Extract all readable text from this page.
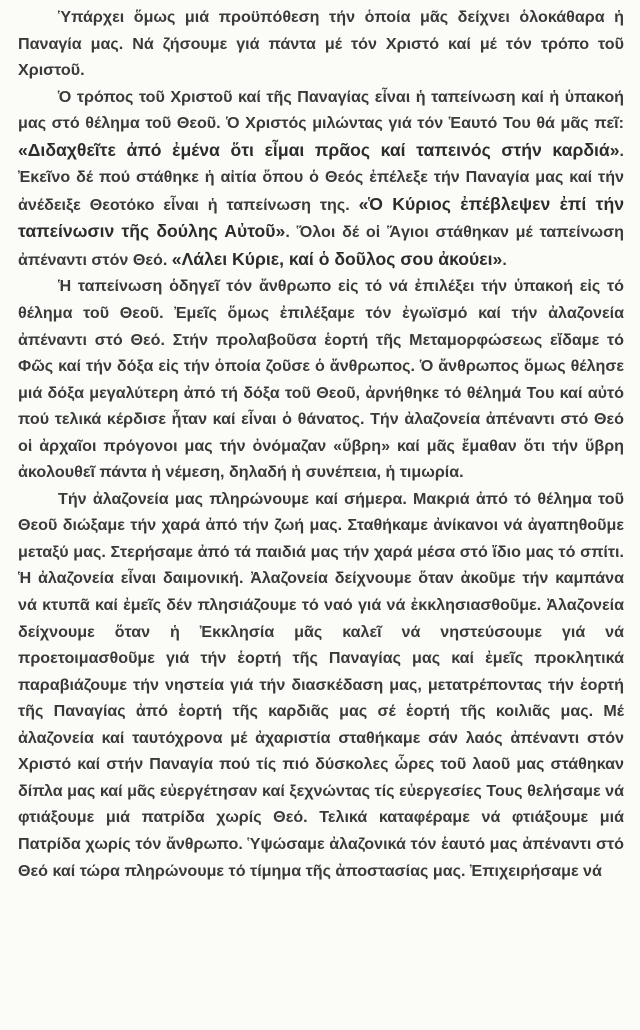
Ὑπάρχει ὅμως μιά προϋπόθεση τήν ὁποία μᾶς δείχνει ὁλοκάθαρα ἡ Παναγία μας. Νά ζήσουμε γιά πάντα μέ τόν Χριστό καί μέ τόν τρόπο τοῦ Χριστοῦ.

Ὁ τρόπος τοῦ Χριστοῦ καί τῆς Παναγίας εἶναι ἡ ταπείνωση καί ἡ ὑπακοή μας στό θέλημα τοῦ Θεοῦ. Ὁ Χριστός μιλώντας γιά τόν Ἑαυτό Του θά μᾶς πεῖ: «Διδαχθεῖτε ἀπό ἐμένα ὅτι εἶμαι πρᾶος καί ταπεινός στήν καρδιά». Ἐκεῖνο δέ πού στάθηκε ἡ αἰτία ὅπου ὁ Θεός ἐπέλεξε τήν Παναγία μας καί τήν ἀνέδειξε Θεοτόκο εἶναι ἡ ταπείνωση της. «Ὁ Κύριος ἐπέβλεψεν ἐπί τήν ταπείνωσιν τῆς δούλης Αὐτοῦ». Ὅλοι δέ οἱ Ἅγιοι στάθηκαν μέ ταπείνωση ἀπέναντι στόν Θεό. «Λάλει Κύριε, καί ὁ δοῦλος σου ἀκούει».

Ἡ ταπείνωση ὁδηγεῖ τόν ἄνθρωπο εἰς τό νά ἐπιλέξει τήν ὑπακοή εἰς τό θέλημα τοῦ Θεοῦ. Ἐμεῖς ὅμως ἐπιλέξαμε τόν ἐγωϊσμό καί τήν ἀλαζονεία ἀπέναντι στό Θεό. Στήν προλαβοῦσα ἑορτή τῆς Μεταμορφώσεως εἴδαμε τό Φῶς καί τήν δόξα εἰς τήν ὁποία ζοῦσε ὁ ἄνθρωπος. Ὁ ἄνθρωπος ὅμως θέλησε μιά δόξα μεγαλύτερη ἀπό τή δόξα τοῦ Θεοῦ, ἀρνήθηκε τό θέλημά Του καί αὐτό πού τελικά κέρδισε ἦταν καί εἶναι ὁ θάνατος. Τήν ἀλαζονεία ἀπέναντι στό Θεό οἱ ἀρχαῖοι πρόγονοι μας τήν ὀνόμαζαν «ὕβρη» καί μᾶς ἔμαθαν ὅτι τήν ὕβρη ἀκολουθεῖ πάντα ἡ νέμεση, δηλαδή ἡ συνέπεια, ἡ τιμωρία.

Τήν ἀλαζονεία μας πληρώνουμε καί σήμερα. Μακριά ἀπό τό θέλημα τοῦ Θεοῦ διώξαμε τήν χαρά ἀπό τήν ζωή μας. Σταθήκαμε ἀνίκανοι νά ἀγαπηθοῦμε μεταξύ μας. Στερήσαμε ἀπό τά παιδιά μας τήν χαρά μέσα στό ἴδιο μας τό σπίτι. Ἡ ἀλαζονεία εἶναι δαιμονική. Ἀλαζονεία δείχνουμε ὅταν ἀκοῦμε τήν καμπάνα νά κτυπᾶ καί ἐμεῖς δέν πλησιάζουμε τό ναό γιά νά ἐκκλησιασθοῦμε. Ἀλαζονεία δείχνουμε ὅταν ἡ Ἐκκλησία μᾶς καλεῖ νά νηστεύσουμε γιά νά προετοιμασθοῦμε γιά τήν ἑορτή τῆς Παναγίας μας καί ἐμεῖς προκλητικά παραβιάζουμε τήν νηστεία γιά τήν διασκέδαση μας, μετατρέποντας τήν ἑορτή τῆς Παναγίας ἀπό ἑορτή τῆς καρδιᾶς μας σέ ἑορτή τῆς κοιλιᾶς μας. Μέ ἀλαζονεία καί ταυτόχρονα μέ ἀχαριστία σταθήκαμε σάν λαός ἀπέναντι στόν Χριστό καί στήν Παναγία πού τίς πιό δύσκολες ὧρες τοῦ λαοῦ μας στάθηκαν δίπλα μας καί μᾶς εὐεργέτησαν καί ξεχνώντας τίς εὐεργεσίες Τους θελήσαμε νά φτιάξουμε μιά πατρίδα χωρίς Θεό. Τελικά καταφέραμε νά φτιάξουμε μιά Πατρίδα χωρίς τόν ἄνθρωπο. Ὑψώσαμε ἀλαζονικά τόν ἑαυτό μας ἀπέναντι στό Θεό καί τώρα πληρώνουμε τό τίμημα τῆς ἀποστασίας μας. Ἐπιχειρήσαμε νά
